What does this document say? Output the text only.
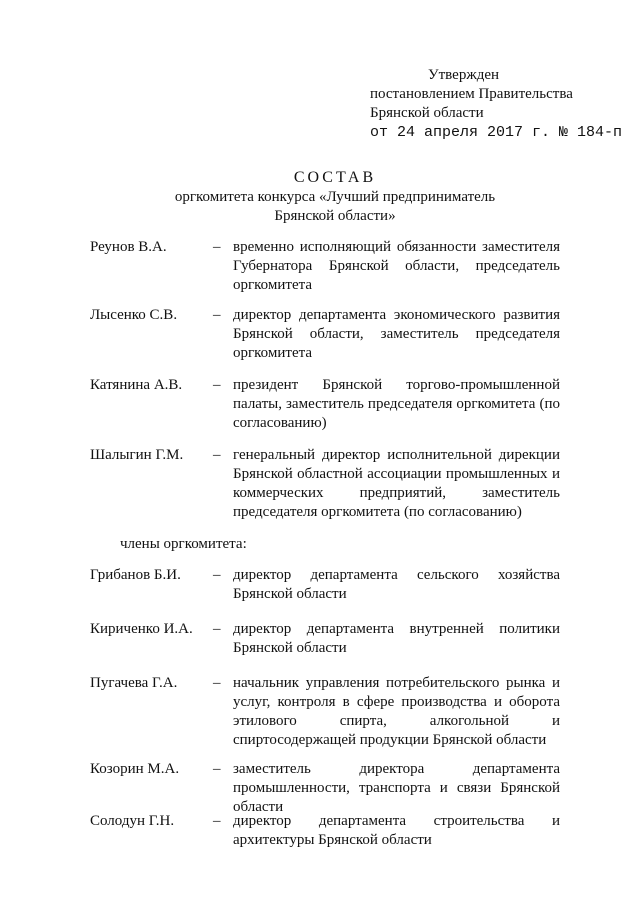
Утвержден
постановлением Правительства
Брянской области
от 24 апреля 2017 г. № 184-п
СОСТАВ
оргкомитета конкурса «Лучший предприниматель
Брянской области»
Реунов В.А.	– временно исполняющий обязанности заместителя Губернатора Брянской области, председатель оргкомитета
Лысенко С.В. – директор департамента экономического развития Брянской области, заместитель председателя оргкомитета
Катянина А.В. – президент Брянской торгово-промышленной палаты, заместитель председателя оргкомитета (по согласованию)
Шалыгин Г.М. – генеральный директор исполнительной дирекции Брянской областной ассоциации промышленных и коммерческих предприятий, заместитель председателя оргкомитета (по согласованию)
члены оргкомитета:
Грибанов Б.И. – директор департамента сельского хозяйства Брянской области
Кириченко И.А. – директор департамента внутренней политики Брянской области
Пугачева Г.А. – начальник управления потребительского рынка и услуг, контроля в сфере производства и оборота этилового спирта, алкогольной и спиртосодержащей продукции Брянской области
Козорин М.А. – заместитель директора департамента промышленности, транспорта и связи Брянской области
Солодун Г.Н.	– директор департамента строительства и архитектуры Брянской области
